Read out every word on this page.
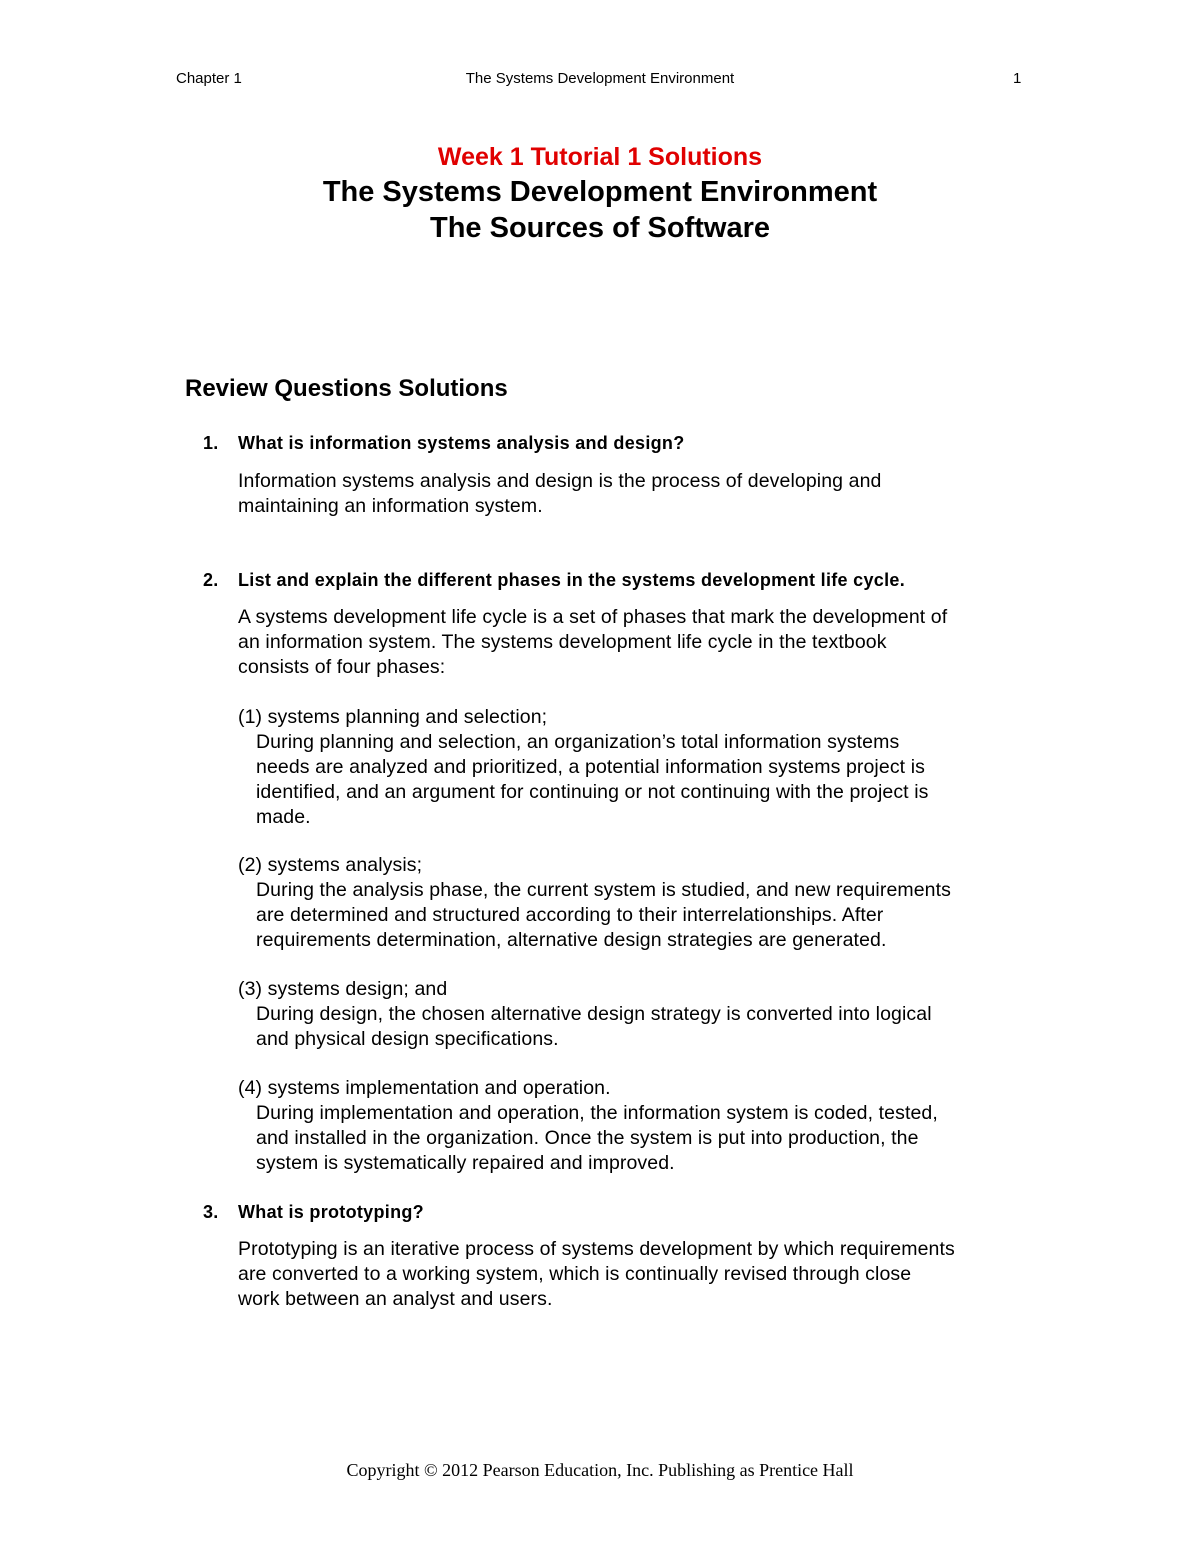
Chapter 1	The Systems Development Environment	1
Week 1 Tutorial 1 Solutions
The Systems Development Environment
The Sources of Software
Review Questions Solutions
1. What is information systems analysis and design?
Information systems analysis and design is the process of developing and
maintaining an information system.
2. List and explain the different phases in the systems development life cycle.
A systems development life cycle is a set of phases that mark the development of
an information system. The systems development life cycle in the textbook
consists of four phases:
(1) systems planning and selection;
During planning and selection, an organization’s total information systems
needs are analyzed and prioritized, a potential information systems project is
identified, and an argument for continuing or not continuing with the project is
made.
(2) systems analysis;
During the analysis phase, the current system is studied, and new requirements
are determined and structured according to their interrelationships. After
requirements determination, alternative design strategies are generated.
(3) systems design; and
During design, the chosen alternative design strategy is converted into logical
and physical design specifications.
(4) systems implementation and operation.
During implementation and operation, the information system is coded, tested,
and installed in the organization. Once the system is put into production, the
system is systematically repaired and improved.
3. What is prototyping?
Prototyping is an iterative process of systems development by which requirements
are converted to a working system, which is continually revised through close
work between an analyst and users.
Copyright © 2012 Pearson Education, Inc. Publishing as Prentice Hall
